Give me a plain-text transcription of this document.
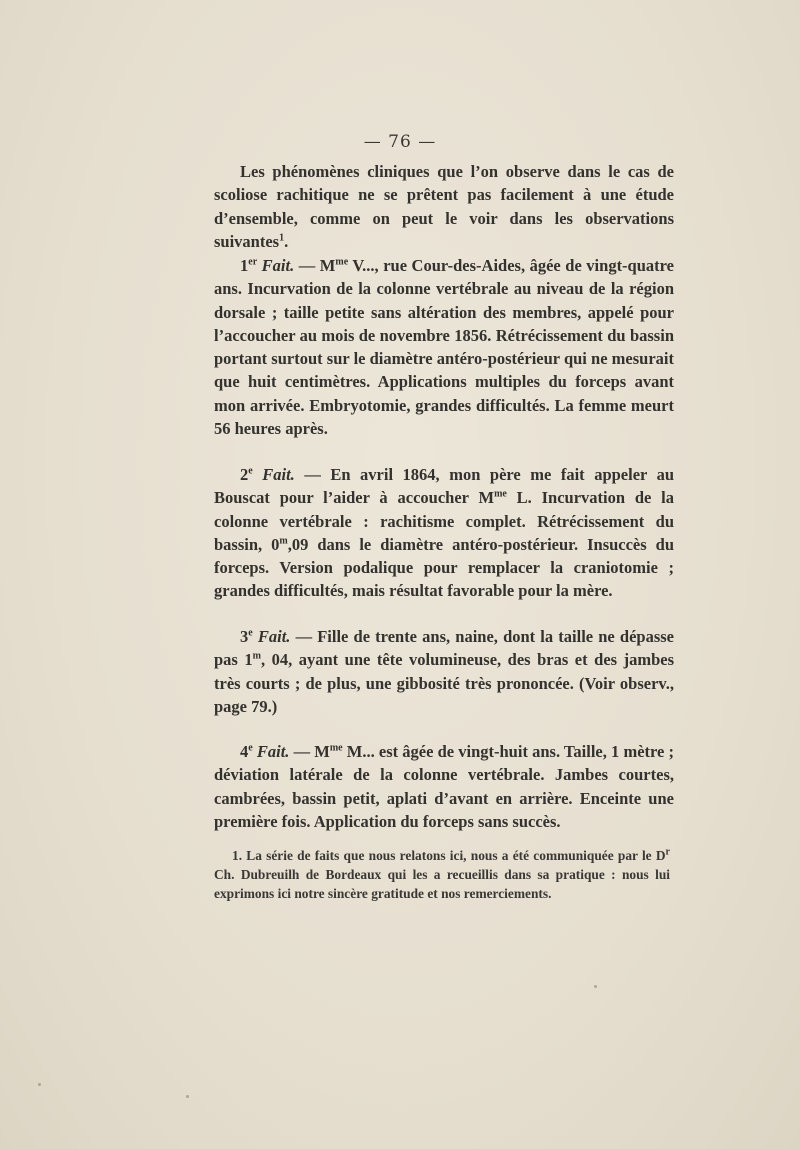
— 76 —

Les phénomènes cliniques que l’on observe dans le cas de scoliose rachitique ne se prêtent pas facilement à une étude d’ensemble, comme on peut le voir dans les observations suivantes$^1$.

1er Fait. — $M^{me}$ V..., rue Cour-des-Aides, âgée de vingt-quatre ans. Incurvation de la colonne vertébrale au niveau de la région dorsale ; taille petite sans altération des membres, appelé pour l’accoucher au mois de novembre 1856. Rétrécissement du bassin portant surtout sur le diamètre antéro-postérieur qui ne mesurait que huit centimètres. Applications multiples du forceps avant mon arrivée. Embryotomie, grandes difficultés. La femme meurt 56 heures après.

2e Fait. — En avril 1864, mon père me fait appeler au Bouscat pour l’aider à accoucher $M^{me}$ L. Incurvation de la colonne vertébrale : rachitisme complet. Rétrécissement du bassin, 0$^m$,09 dans le diamètre antéro-postérieur. Insuccès du forceps. Version podalique pour remplacer la craniotomie ; grandes difficultés, mais résultat favorable pour la mère.

3e Fait. — Fille de trente ans, naine, dont la taille ne dépasse pas 1$^m$, 04, ayant une tête volumineuse, des bras et des jambes très courts ; de plus, une gibbosité très prononcée. (Voir observ., page 79.)

4e Fait. — $M^{me}$ M... est âgée de vingt-huit ans. Taille, 1 mètre ; déviation latérale de la colonne vertébrale. Jambes courtes, cambrées, bassin petit, aplati d’avant en arrière. Enceinte une première fois. Application du forceps sans succès.

1. La série de faits que nous relatons ici, nous a été communiquée par le $D^r$ Ch. Dubreuilh de Bordeaux qui les a recueillis dans sa pratique : nous lui exprimons ici notre sincère gratitude et nos remerciements.
